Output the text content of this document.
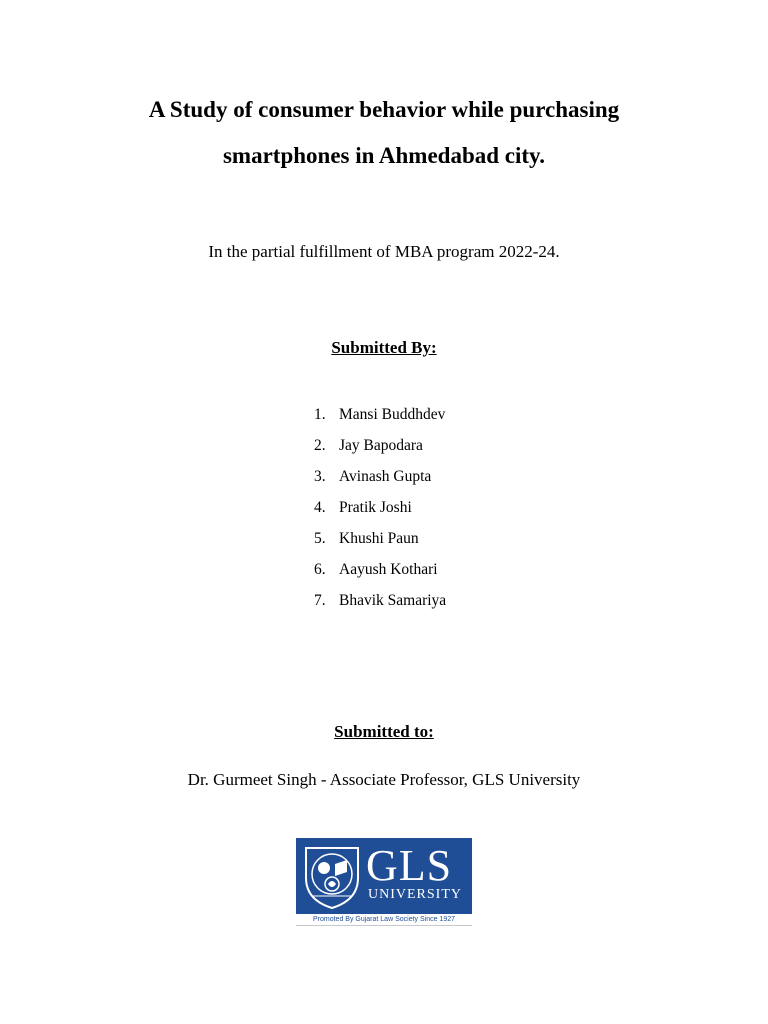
A Study of consumer behavior while purchasing
smartphones in Ahmedabad city.
In the partial fulfillment of MBA program 2022-24.
Submitted By:
1. Mansi Buddhdev
2. Jay Bapodara
3. Avinash Gupta
4. Pratik Joshi
5. Khushi Paun
6. Aayush Kothari
7. Bhavik Samariya
Submitted to:
Dr. Gurmeet Singh - Associate Professor, GLS University
GLS
UNIVERSITY
Promoted By Gujarat Law Society Since 1927
